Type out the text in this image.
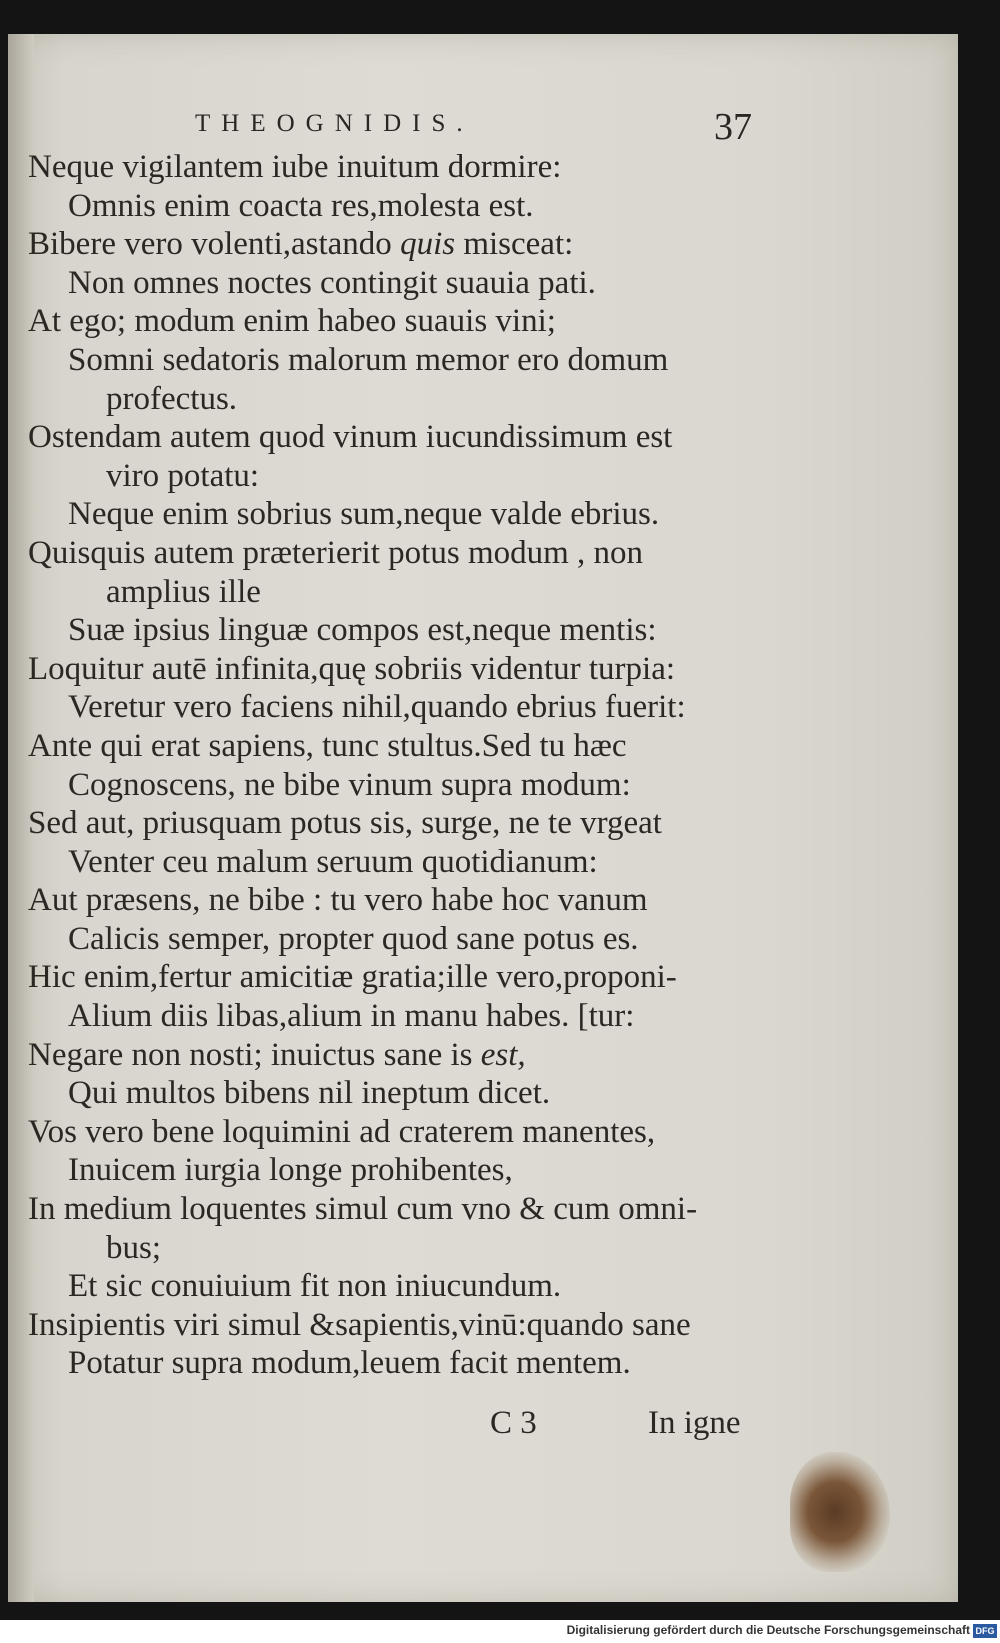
THEOGNIDIS.	37
Neque vigilantem iube inuitum dormire:
Omnis enim coacta res,molesta est.
Bibere vero volenti,astando quis misceat:
Non omnes noctes contingit suauia pati.
At ego; modum enim habeo suauis vini;
Somni sedatoris malorum memor ero domum
profectus.
Ostendam autem quod vinum iucundissimum est
viro potatu:
Neque enim sobrius sum,neque valde ebrius.
Quisquis autem præterierit potus modum , non
amplius ille
Suæ ipsius linguæ compos est,neque mentis:
Loquitur autē infinita,quę sobriis videntur turpia:
Veretur vero faciens nihil,quando ebrius fuerit:
Ante qui erat sapiens, tunc stultus.Sed tu hæc
Cognoscens, ne bibe vinum supra modum:
Sed aut, priusquam potus sis, surge, ne te vrgeat
Venter ceu malum seruum quotidianum:
Aut præsens, ne bibe : tu vero habe hoc vanum
Calicis semper, propter quod sane potus es.
Hic enim,fertur amicitiæ gratia;ille vero,proponi-
Alium diis libas,alium in manu habes. [tur:
Negare non nosti; inuictus sane is est,
Qui multos bibens nil ineptum dicet.
Vos vero bene loquimini ad craterem manentes,
Inuicem iurgia longe prohibentes,
In medium loquentes simul cum vno & cum omni-
bus;
Et sic conuiuium fit non iniucundum.
Insipientis viri simul &sapientis,vinū:quando sane
Potatur supra modum,leuem facit mentem.
C 3	In igne
Digitalisierung gefördert durch die Deutsche Forschungsgemeinschaft DFG
